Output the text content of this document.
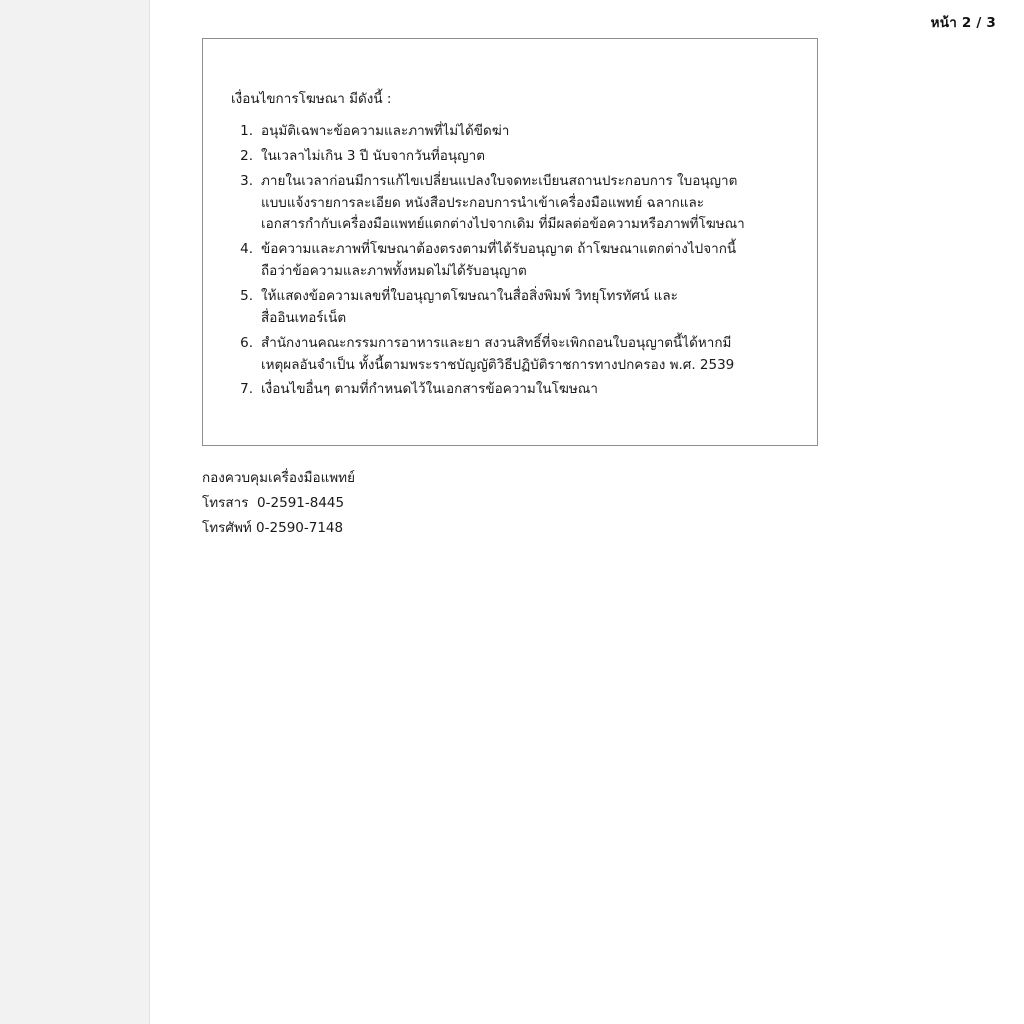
หน้า 2 / 3
เงื่อนไขการโฆษณา มีดังนี้ :
1. อนุมัติเฉพาะข้อความและภาพที่ไม่ได้ขีดฆ่า
2. ในเวลาไม่เกิน 3 ปี นับจากวันที่อนุญาต
3. ภายในเวลาก่อนมีการแก้ไขเปลี่ยนแปลงใบจดทะเบียนสถานประกอบการ ใบอนุญาต
แบบแจ้งรายการละเอียด หนังสือประกอบการนำเข้าเครื่องมือแพทย์ ฉลากและ
เอกสารกำกับเครื่องมือแพทย์แตกต่างไปจากเดิม ที่มีผลต่อข้อความหรือภาพที่โฆษณา
4. ข้อความและภาพที่โฆษณาต้องตรงตามที่ได้รับอนุญาต ถ้าโฆษณาแตกต่างไปจากนี้
ถือว่าข้อความและภาพทั้งหมดไม่ได้รับอนุญาต
5. ให้แสดงข้อความเลขที่ใบอนุญาตโฆษณาในสื่อสิ่งพิมพ์ วิทยุโทรทัศน์ และ
สื่ออินเทอร์เน็ต
6. สำนักงานคณะกรรมการอาหารและยา สงวนสิทธิ์ที่จะเพิกถอนใบอนุญาตนี้ได้หากมี
เหตุผลอันจำเป็น ทั้งนี้ตามพระราชบัญญัติวิธีปฏิบัติราชการทางปกครอง พ.ศ. 2539
7. เงื่อนไขอื่นๆ ตามที่กำหนดไว้ในเอกสารข้อความในโฆษณา
กองควบคุมเครื่องมือแพทย์
โทรสาร  0-2591-8445
โทรศัพท์ 0-2590-7148
